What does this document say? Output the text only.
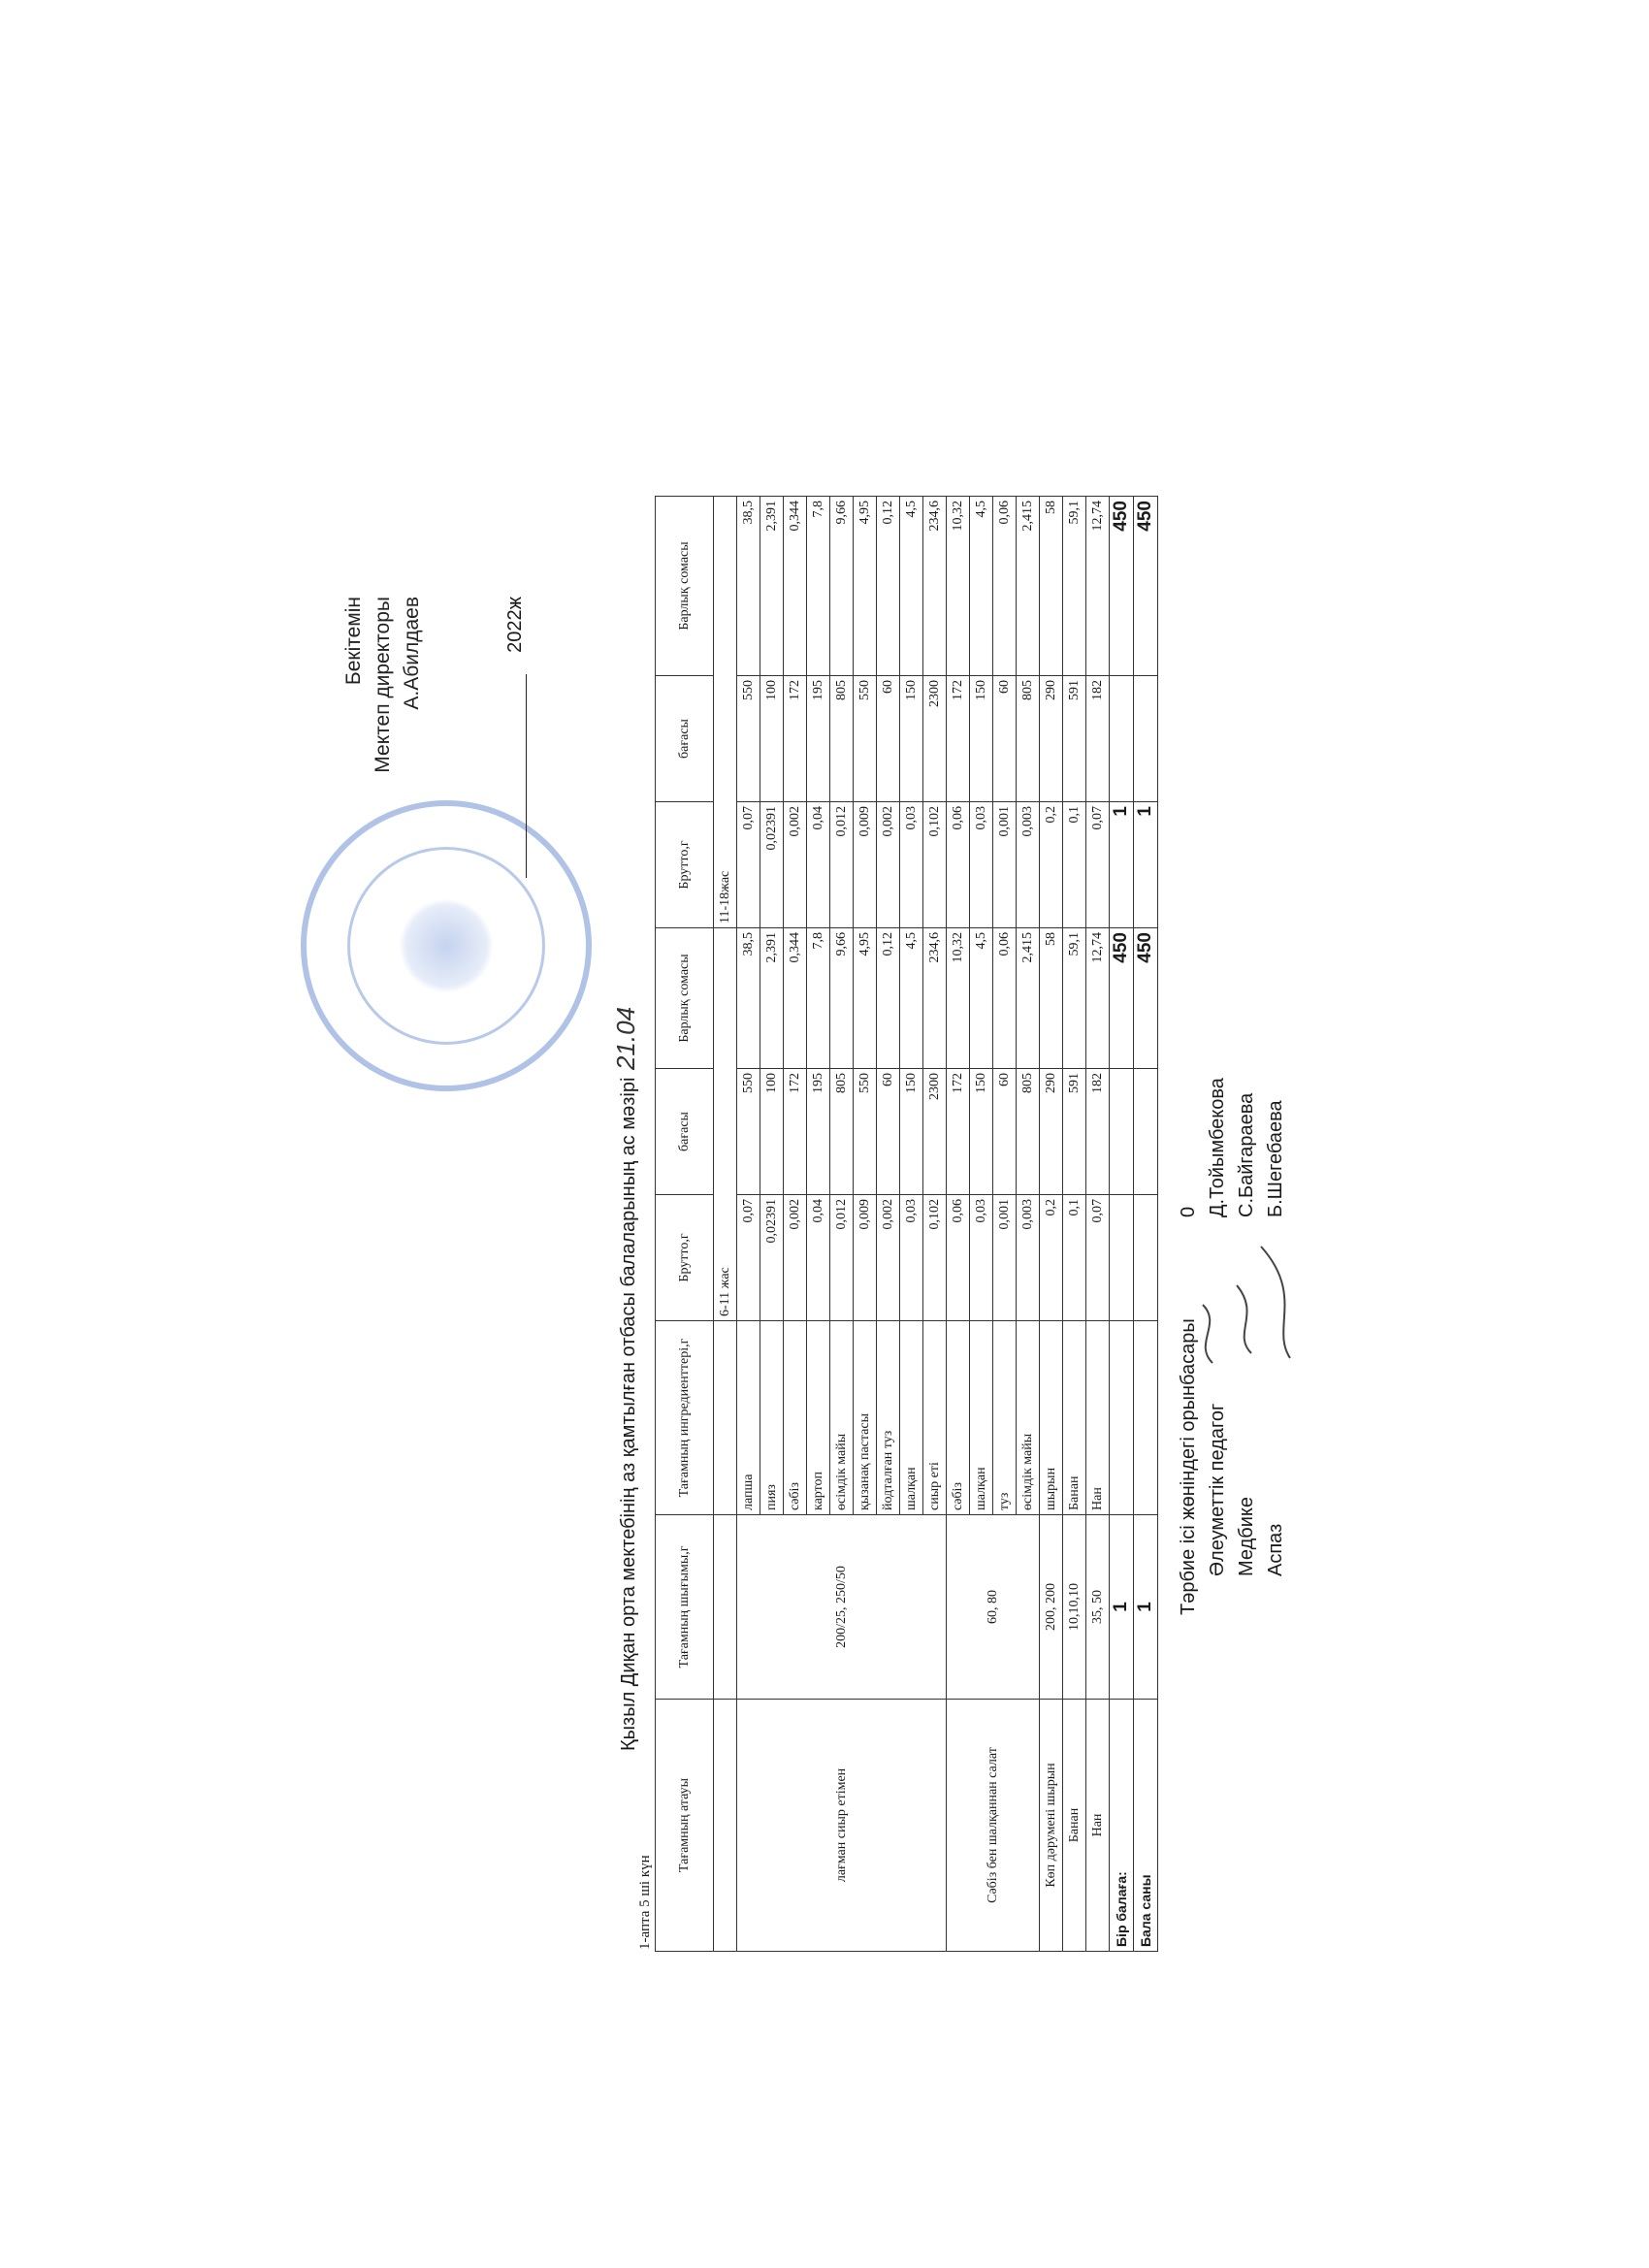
Бекітемін Мектеп директоры А.Абилдаев	2022ж
Қызыл Диқан орта мектебінің аз қамтылған отбасы балаларының ас мәзірі 21.04
1-апта 5 ші күн
Тағамның атауы	Тағамның шығымы,г	Тағамның ингредиенттері,г	Брутто,г	бағасы	Барлық сомасы	Брутто,г	бағасы	Барлық сомасы
			6-11 жас			11-18жас		
лағман сиыр етімен	200/25, 250/50	лапша	0,07	550	38,5	0,07	550	38,5
		пияз	0,02391	100	2,391	0,02391	100	2,391
		сәбіз	0,002	172	0,344	0,002	172	0,344
		картоп	0,04	195	7,8	0,04	195	7,8
		өсімдік майы	0,012	805	9,66	0,012	805	9,66
		қызанақ пастасы	0,009	550	4,95	0,009	550	4,95
		йодталған туз	0,002	60	0,12	0,002	60	0,12
		шалқан	0,03	150	4,5	0,03	150	4,5
		сиыр еті	0,102	2300	234,6	0,102	2300	234,6
Сәбіз бен шалқаннан салат	60, 80	сәбіз	0,06	172	10,32	0,06	172	10,32
		шалқан	0,03	150	4,5	0,03	150	4,5
		туз	0,001	60	0,06	0,001	60	0,06
		өсімдік майы	0,003	805	2,415	0,003	805	2,415
Көп дәрумені шырын	200, 200	шырын	0,2	290	58	0,2	290	58
Банан	10,10,10	Банан	0,1	591	59,1	0,1	591	59,1
Нан	35, 50	Нан	0,07	182	12,74	0,07	182	12,74
Бір балаға:	1				450	1		450
Бала саны	1				450	1		450
Тәрбие ісі жөніндегі орынбасары Әлеуметтік педагог Медбике Аспаз
0 Д.Тойымбекова С.Байгараева Б.Шегебаева
